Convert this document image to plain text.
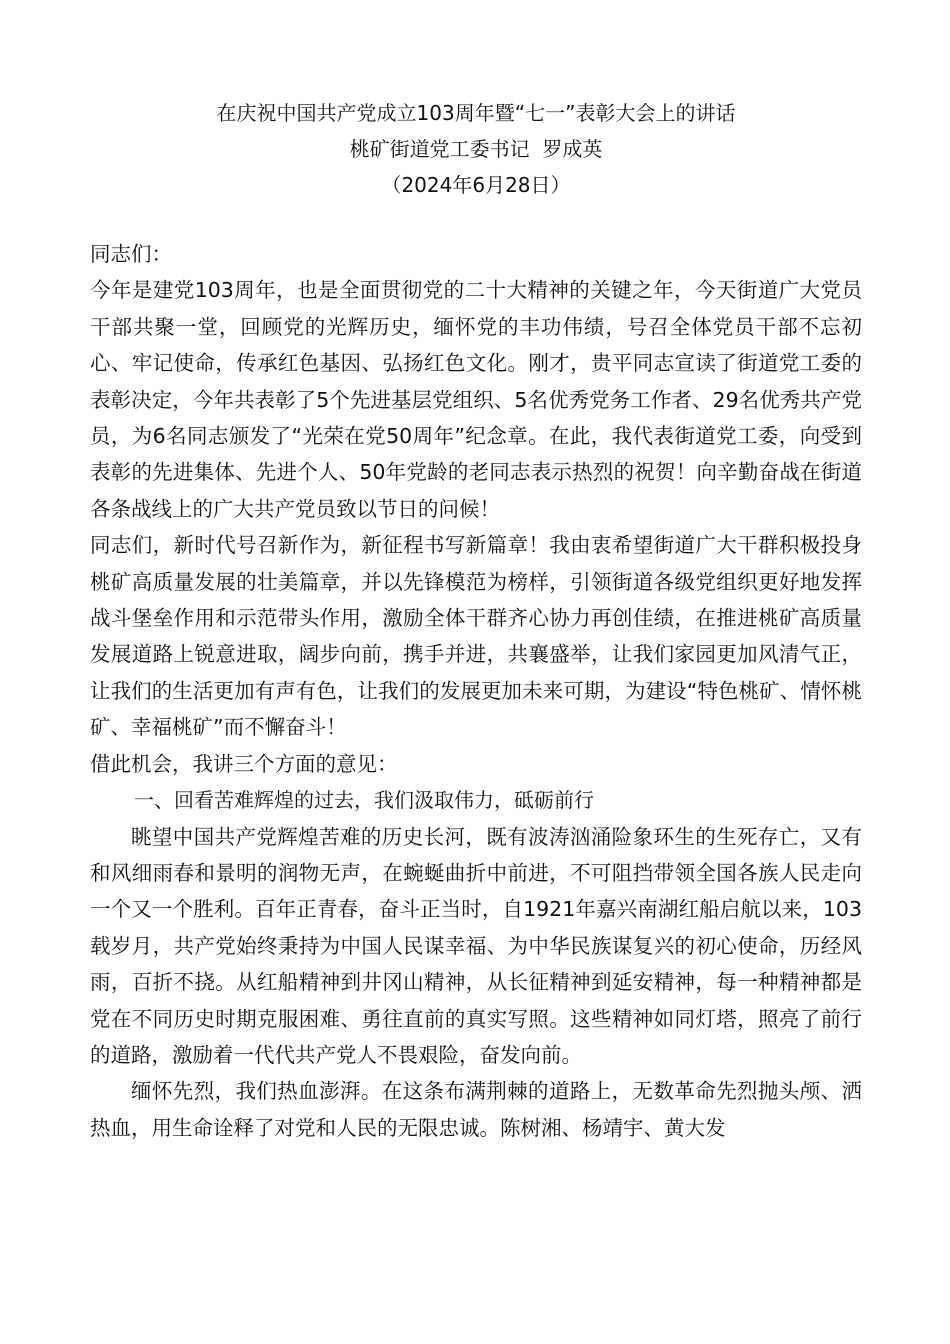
在庆祝中国共产党成立103周年暨“七一”表彰大会上的讲话

桃矿街道党工委书记  罗成英

（2024年6月28日）

同志们：

今年是建党103周年，也是全面贯彻党的二十大精神的关键之年，今天街道广大党员干部共聚一堂，回顾党的光辉历史，缅怀党的丰功伟绩，号召全体党员干部不忘初心、牢记使命，传承红色基因、弘扬红色文化。刚才，贵平同志宣读了街道党工委的表彰决定，今年共表彰了5个先进基层党组织、5名优秀党务工作者、29名优秀共产党员，为6名同志颁发了“光荣在党50周年”纪念章。在此，我代表街道党工委，向受到表彰的先进集体、先进个人、50年党龄的老同志表示热烈的祝贺！向辛勤奋战在街道各条战线上的广大共产党员致以节日的问候！

同志们，新时代号召新作为，新征程书写新篇章！我由衷希望街道广大干群积极投身桃矿高质量发展的壮美篇章，并以先锋模范为榜样，引领街道各级党组织更好地发挥战斗堡垒作用和示范带头作用，激励全体干群齐心协力再创佳绩，在推进桃矿高质量发展道路上锐意进取，阔步向前，携手并进，共襄盛举，让我们家园更加风清气正，让我们的生活更加有声有色，让我们的发展更加未来可期，为建设“特色桃矿、情怀桃矿、幸福桃矿”而不懈奋斗！

借此机会，我讲三个方面的意见：

一、回看苦难辉煌的过去，我们汲取伟力，砥砺前行

眺望中国共产党辉煌苦难的历史长河，既有波涛汹涌险象环生的生死存亡，又有和风细雨春和景明的润物无声，在蜿蜒曲折中前进，不可阻挡带领全国各族人民走向一个又一个胜利。百年正青春，奋斗正当时，自1921年嘉兴南湖红船启航以来，103载岁月，共产党始终秉持为中国人民谋幸福、为中华民族谋复兴的初心使命，历经风雨，百折不挠。从红船精神到井冈山精神，从长征精神到延安精神，每一种精神都是党在不同历史时期克服困难、勇往直前的真实写照。这些精神如同灯塔，照亮了前行的道路，激励着一代代共产党人不畏艰险，奋发向前。

缅怀先烈，我们热血澎湃。在这条布满荆棘的道路上，无数革命先烈抛头颅、洒热血，用生命诠释了对党和人民的无限忠诚。陈树湘、杨靖宇、黄大发
